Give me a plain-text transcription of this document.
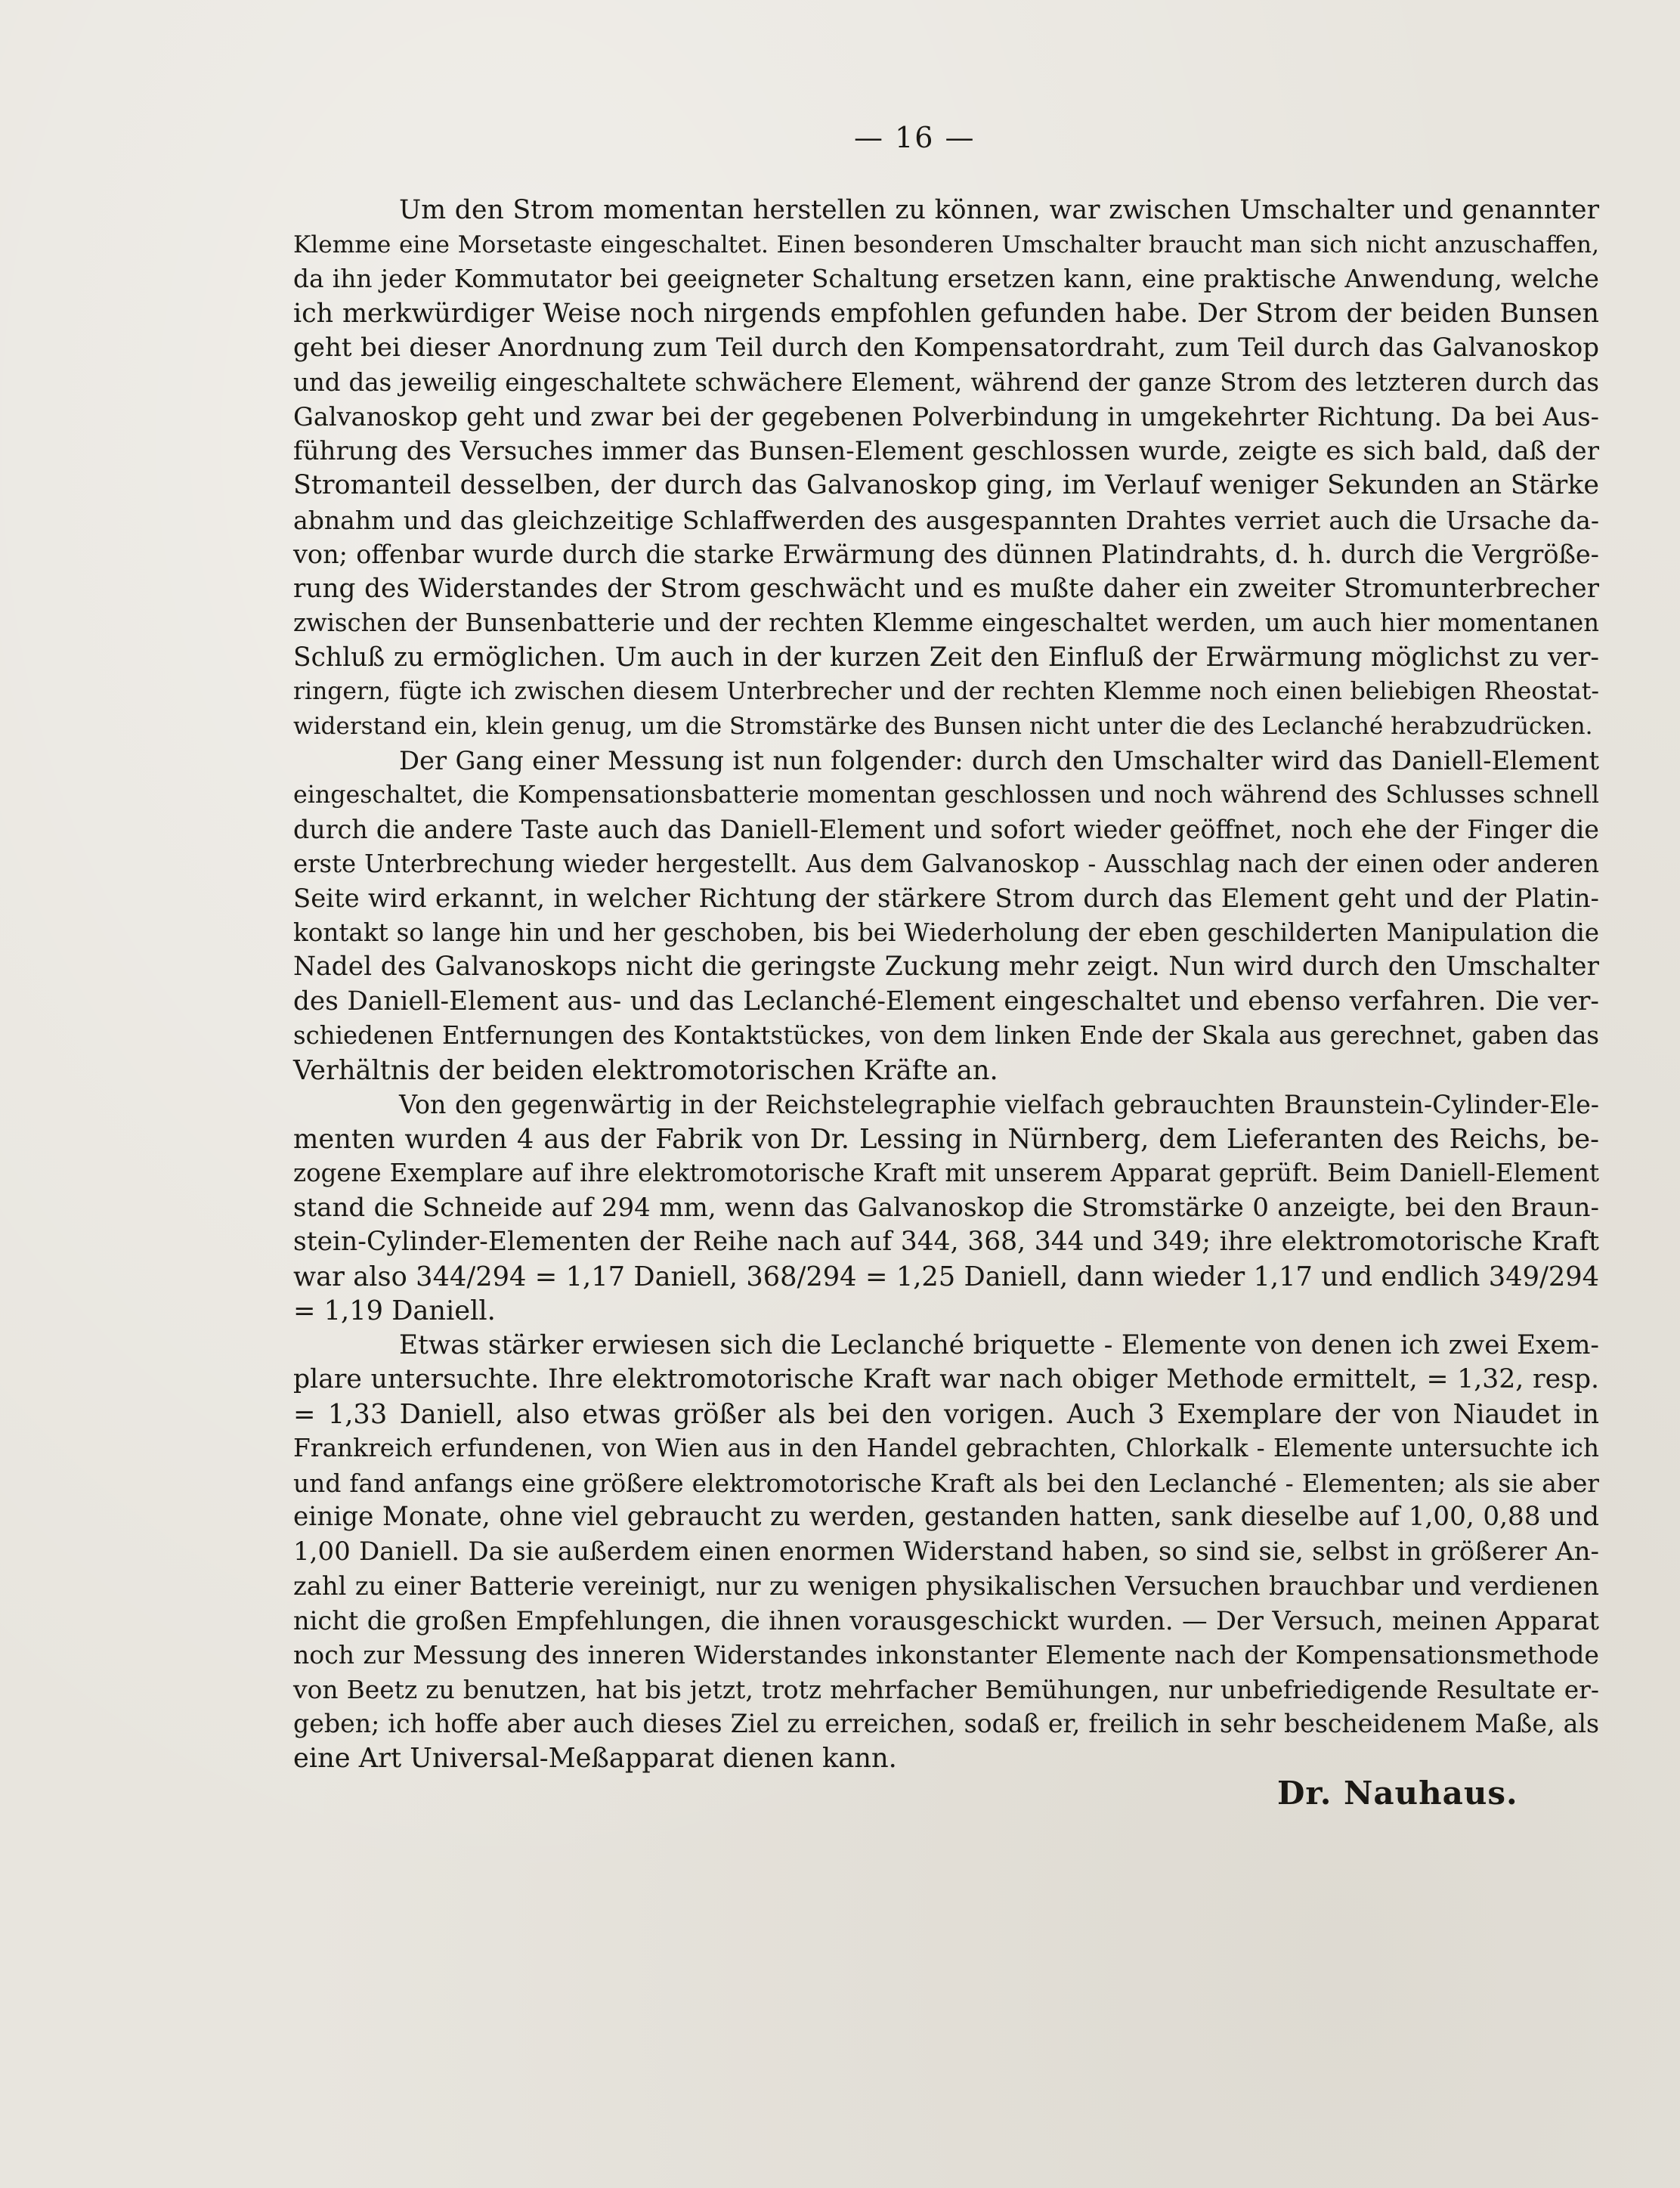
— 16 —
Um den Strom momentan herstellen zu können, war zwischen Umschalter und genannter
Klemme eine Morsetaste eingeschaltet. Einen besonderen Umschalter braucht man sich nicht anzuschaffen,
da ihn jeder Kommutator bei geeigneter Schaltung ersetzen kann, eine praktische Anwendung, welche
ich merkwürdiger Weise noch nirgends empfohlen gefunden habe. Der Strom der beiden Bunsen
geht bei dieser Anordnung zum Teil durch den Kompensatordraht, zum Teil durch das Galvanoskop
und das jeweilig eingeschaltete schwächere Element, während der ganze Strom des letzteren durch das
Galvanoskop geht und zwar bei der gegebenen Polverbindung in umgekehrter Richtung. Da bei Aus-
führung des Versuches immer das Bunsen-Element geschlossen wurde, zeigte es sich bald, daß der
Stromanteil desselben, der durch das Galvanoskop ging, im Verlauf weniger Sekunden an Stärke
abnahm und das gleichzeitige Schlaffwerden des ausgespannten Drahtes verriet auch die Ursache da-
von; offenbar wurde durch die starke Erwärmung des dünnen Platindrahts, d. h. durch die Vergröße-
rung des Widerstandes der Strom geschwächt und es mußte daher ein zweiter Stromunterbrecher
zwischen der Bunsenbatterie und der rechten Klemme eingeschaltet werden, um auch hier momentanen
Schluß zu ermöglichen. Um auch in der kurzen Zeit den Einfluß der Erwärmung möglichst zu ver-
ringern, fügte ich zwischen diesem Unterbrecher und der rechten Klemme noch einen beliebigen Rheostat-
widerstand ein, klein genug, um die Stromstärke des Bunsen nicht unter die des Leclanché herabzudrücken.
Der Gang einer Messung ist nun folgender: durch den Umschalter wird das Daniell-Element
eingeschaltet, die Kompensationsbatterie momentan geschlossen und noch während des Schlusses schnell
durch die andere Taste auch das Daniell-Element und sofort wieder geöffnet, noch ehe der Finger die
erste Unterbrechung wieder hergestellt. Aus dem Galvanoskop - Ausschlag nach der einen oder anderen
Seite wird erkannt, in welcher Richtung der stärkere Strom durch das Element geht und der Platin-
kontakt so lange hin und her geschoben, bis bei Wiederholung der eben geschilderten Manipulation die
Nadel des Galvanoskops nicht die geringste Zuckung mehr zeigt. Nun wird durch den Umschalter
des Daniell-Element aus- und das Leclanché-Element eingeschaltet und ebenso verfahren. Die ver-
schiedenen Entfernungen des Kontaktstückes, von dem linken Ende der Skala aus gerechnet, gaben das
Verhältnis der beiden elektromotorischen Kräfte an.
Von den gegenwärtig in der Reichstelegraphie vielfach gebrauchten Braunstein-Cylinder-Ele-
menten wurden 4 aus der Fabrik von Dr. Lessing in Nürnberg, dem Lieferanten des Reichs, be-
zogene Exemplare auf ihre elektromotorische Kraft mit unserem Apparat geprüft. Beim Daniell-Element
stand die Schneide auf 294 mm, wenn das Galvanoskop die Stromstärke 0 anzeigte, bei den Braun-
stein-Cylinder-Elementen der Reihe nach auf 344, 368, 344 und 349; ihre elektromotorische Kraft
war also 344/294 = 1,17 Daniell, 368/294 = 1,25 Daniell, dann wieder 1,17 und endlich 349/294
= 1,19 Daniell.
Etwas stärker erwiesen sich die Leclanché briquette - Elemente von denen ich zwei Exem-
plare untersuchte. Ihre elektromotorische Kraft war nach obiger Methode ermittelt, = 1,32, resp.
= 1,33 Daniell, also etwas größer als bei den vorigen. Auch 3 Exemplare der von Niaudet in
Frankreich erfundenen, von Wien aus in den Handel gebrachten, Chlorkalk - Elemente untersuchte ich
und fand anfangs eine größere elektromotorische Kraft als bei den Leclanché - Elementen; als sie aber
einige Monate, ohne viel gebraucht zu werden, gestanden hatten, sank dieselbe auf 1,00, 0,88 und
1,00 Daniell. Da sie außerdem einen enormen Widerstand haben, so sind sie, selbst in größerer An-
zahl zu einer Batterie vereinigt, nur zu wenigen physikalischen Versuchen brauchbar und verdienen
nicht die großen Empfehlungen, die ihnen vorausgeschickt wurden. — Der Versuch, meinen Apparat
noch zur Messung des inneren Widerstandes inkonstanter Elemente nach der Kompensationsmethode
von Beetz zu benutzen, hat bis jetzt, trotz mehrfacher Bemühungen, nur unbefriedigende Resultate er-
geben; ich hoffe aber auch dieses Ziel zu erreichen, sodaß er, freilich in sehr bescheidenem Maße, als
eine Art Universal-Meßapparat dienen kann.
Dr. Nauhaus.
